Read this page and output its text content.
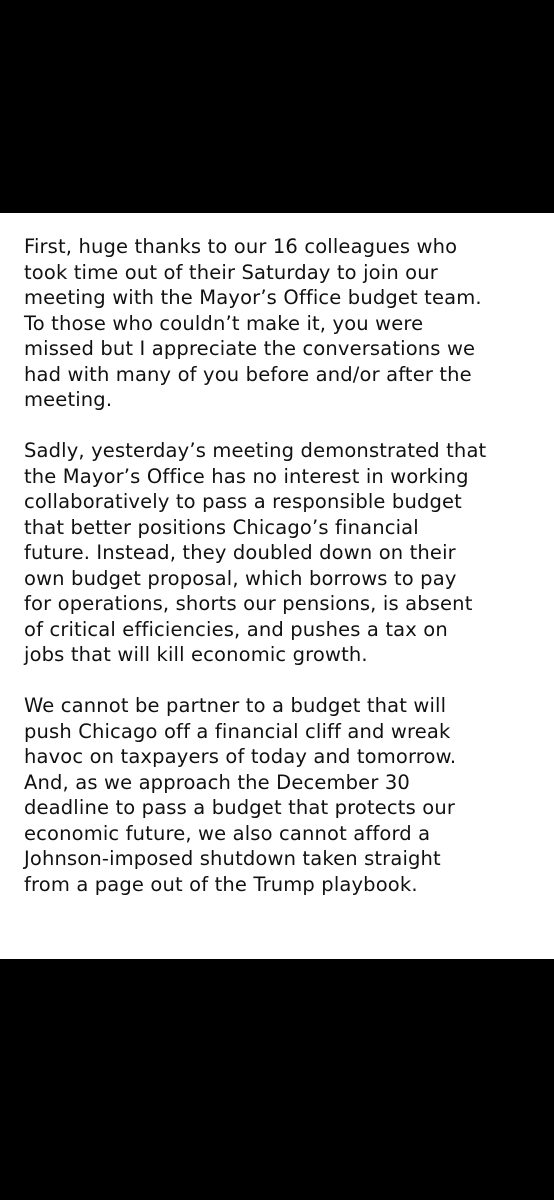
First, huge thanks to our 16 colleagues who
took time out of their Saturday to join our
meeting with the Mayor’s Office budget team.
To those who couldn’t make it, you were
missed but I appreciate the conversations we
had with many of you before and/or after the
meeting.

Sadly, yesterday’s meeting demonstrated that
the Mayor’s Office has no interest in working
collaboratively to pass a responsible budget
that better positions Chicago’s financial
future. Instead, they doubled down on their
own budget proposal, which borrows to pay
for operations, shorts our pensions, is absent
of critical efficiencies, and pushes a tax on
jobs that will kill economic growth.

We cannot be partner to a budget that will
push Chicago off a financial cliff and wreak
havoc on taxpayers of today and tomorrow.
And, as we approach the December 30
deadline to pass a budget that protects our
economic future, we also cannot afford a
Johnson-imposed shutdown taken straight
from a page out of the Trump playbook.
